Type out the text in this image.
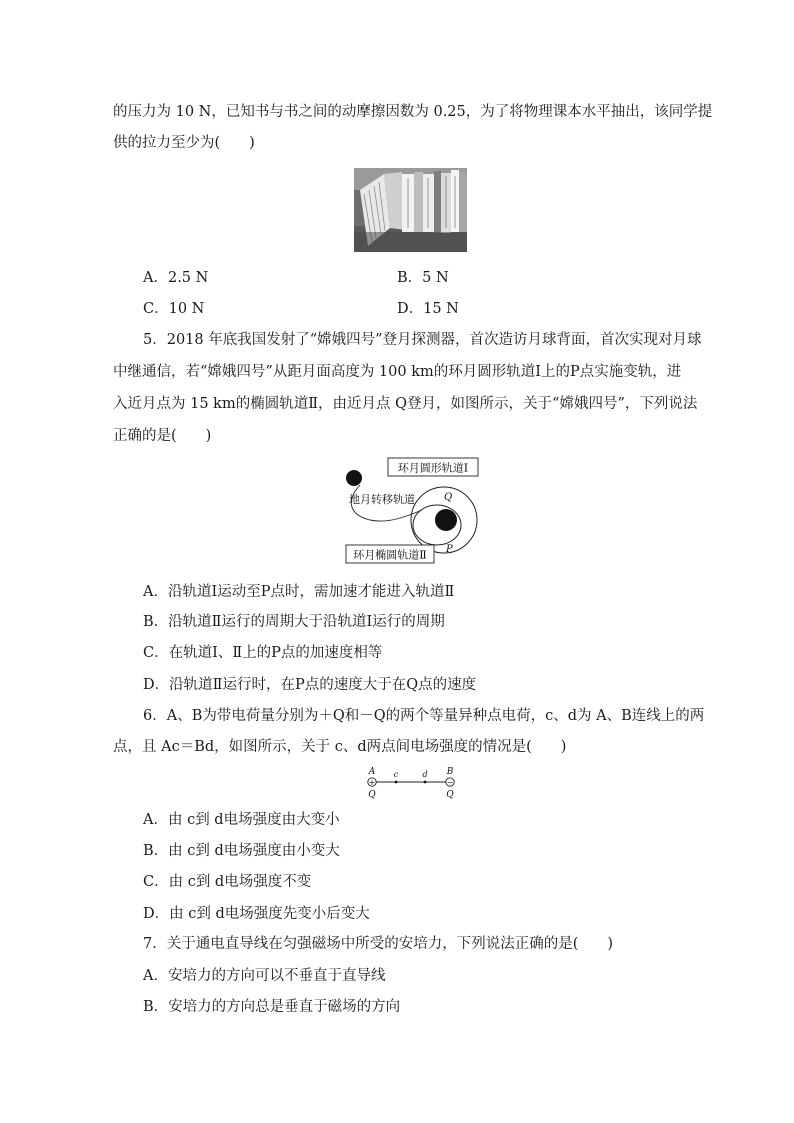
的压力为 10 N，已知书与书之间的动摩擦因数为 0.25，为了将物理课本水平抽出，该同学提
供的拉力至少为(　　)
A．2.5 N	B．5 N
C．10 N	D．15 N
5．2018 年底我国发射了“嫦娥四号”登月探测器，首次造访月球背面，首次实现对月球
中继通信，若“嫦娥四号”从距月面高度为 100 km的环月圆形轨道Ⅰ上的P点实施变轨，进
入近月点为 15 km的椭圆轨道Ⅱ，由近月点 Q登月，如图所示，关于“嫦娥四号”，下列说法
正确的是(　　)
环月圆形轨道Ⅰ
地月转移轨道	Q
P
环月椭圆轨道Ⅱ
A．沿轨道Ⅰ运动至P点时，需加速才能进入轨道Ⅱ
B．沿轨道Ⅱ运行的周期大于沿轨道Ⅰ运行的周期
C．在轨道Ⅰ、Ⅱ上的P点的加速度相等
D．沿轨道Ⅱ运行时，在P点的速度大于在Q点的速度
6．A、B为带电荷量分别为＋Q和－Q的两个等量异种点电荷，c、d为 A、B连线上的两
点，且 Ac＝Bd，如图所示，关于 c、d两点间电场强度的情况是(　　)
A	B
+	−
c	d
Q	Q
A．由 c到 d电场强度由大变小
B．由 c到 d电场强度由小变大
C．由 c到 d电场强度不变
D．由 c到 d电场强度先变小后变大
7．关于通电直导线在匀强磁场中所受的安培力，下列说法正确的是(　　)
A．安培力的方向可以不垂直于直导线
B．安培力的方向总是垂直于磁场的方向
